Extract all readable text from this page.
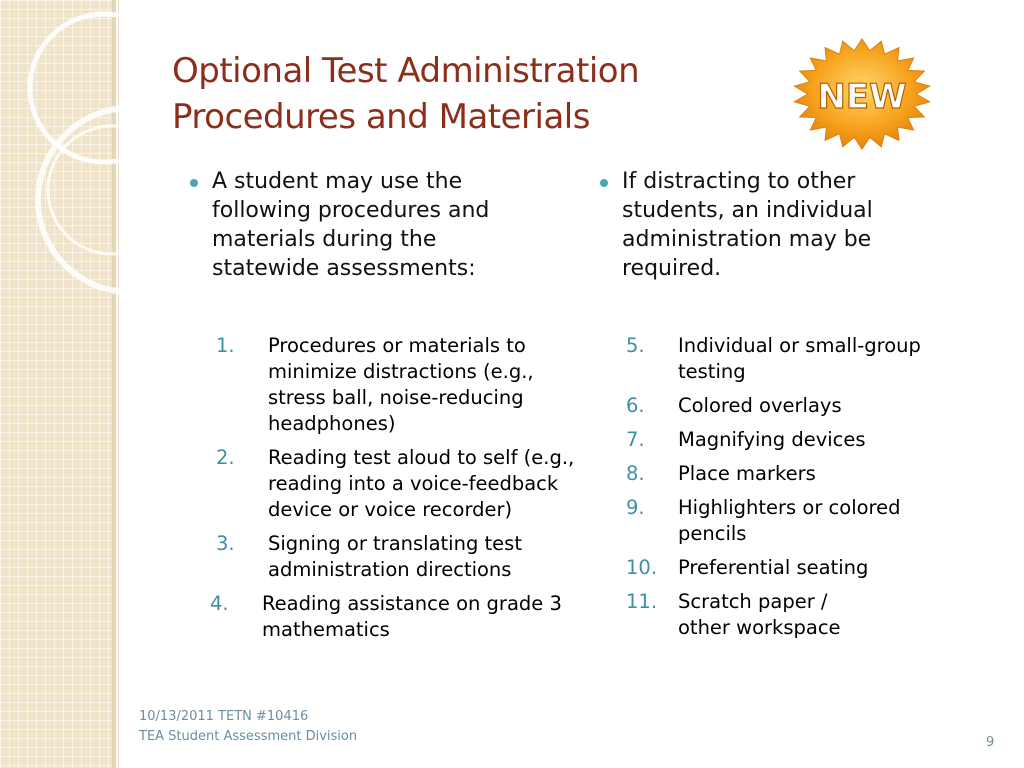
Optional Test Administration
Procedures and Materials	NEW
A student may use the following procedures and materials during the statewide assessments:
If distracting to other students, an individual administration may be required.
1. Procedures or materials to minimize distractions (e.g., stress ball, noise-reducing headphones)
2. Reading test aloud to self (e.g., reading into a voice-feedback device or voice recorder)
3. Signing or translating test administration directions
4. Reading assistance on grade 3 mathematics
5. Individual or small-group testing
6. Colored overlays
7. Magnifying devices
8. Place markers
9. Highlighters or colored pencils
10. Preferential seating
11. Scratch paper / other workspace
10/13/2011 TETN #10416
TEA Student Assessment Division	9
